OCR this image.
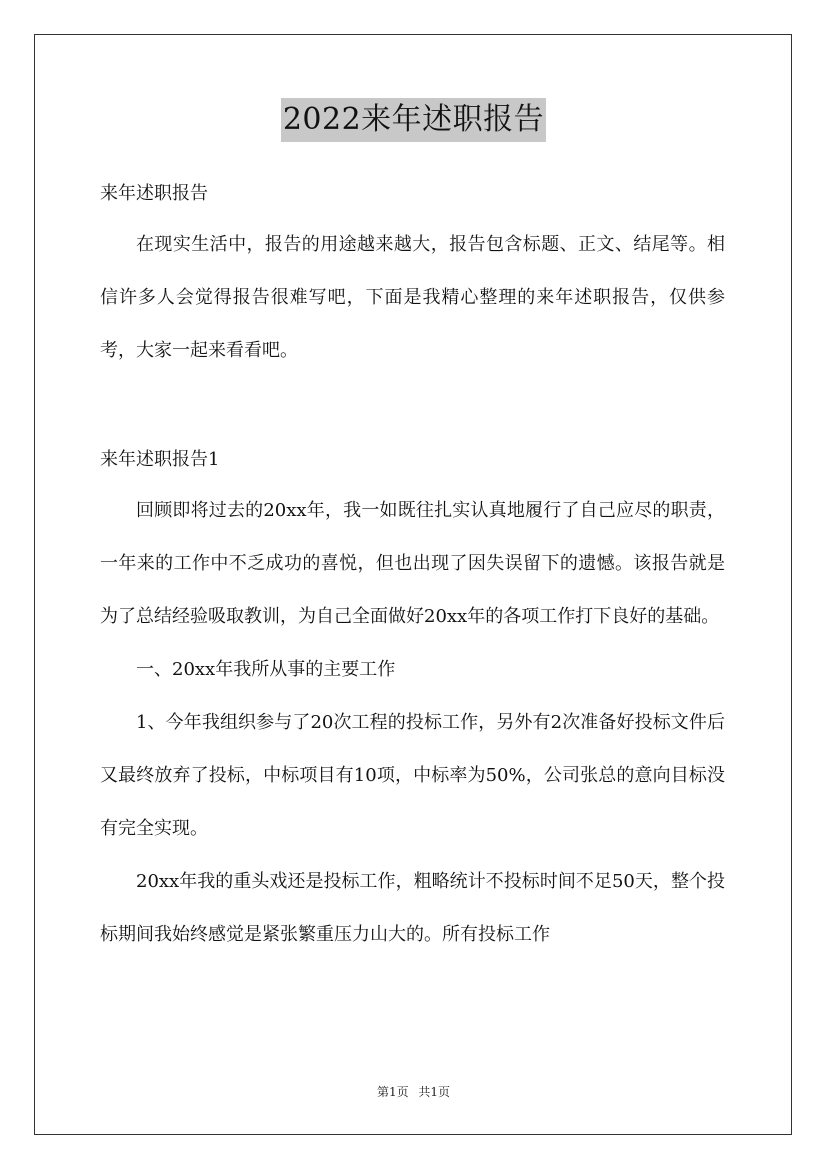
2022来年述职报告

来年述职报告

在现实生活中，报告的用途越来越大，报告包含标题、正文、结尾等。相信许多人会觉得报告很难写吧，下面是我精心整理的来年述职报告，仅供参考，大家一起来看看吧。

来年述职报告1

回顾即将过去的20xx年，我一如既往扎实认真地履行了自己应尽的职责，一年来的工作中不乏成功的喜悦，但也出现了因失误留下的遗憾。该报告就是为了总结经验吸取教训，为自己全面做好20xx年的各项工作打下良好的基础。

一、20xx年我所从事的主要工作

1、今年我组织参与了20次工程的投标工作，另外有2次准备好投标文件后又最终放弃了投标，中标项目有10项，中标率为50%，公司张总的意向目标没有完全实现。

20xx年我的重头戏还是投标工作，粗略统计不投标时间不足50天，整个投标期间我始终感觉是紧张繁重压力山大的。所有投标工作

第1页 共1页
